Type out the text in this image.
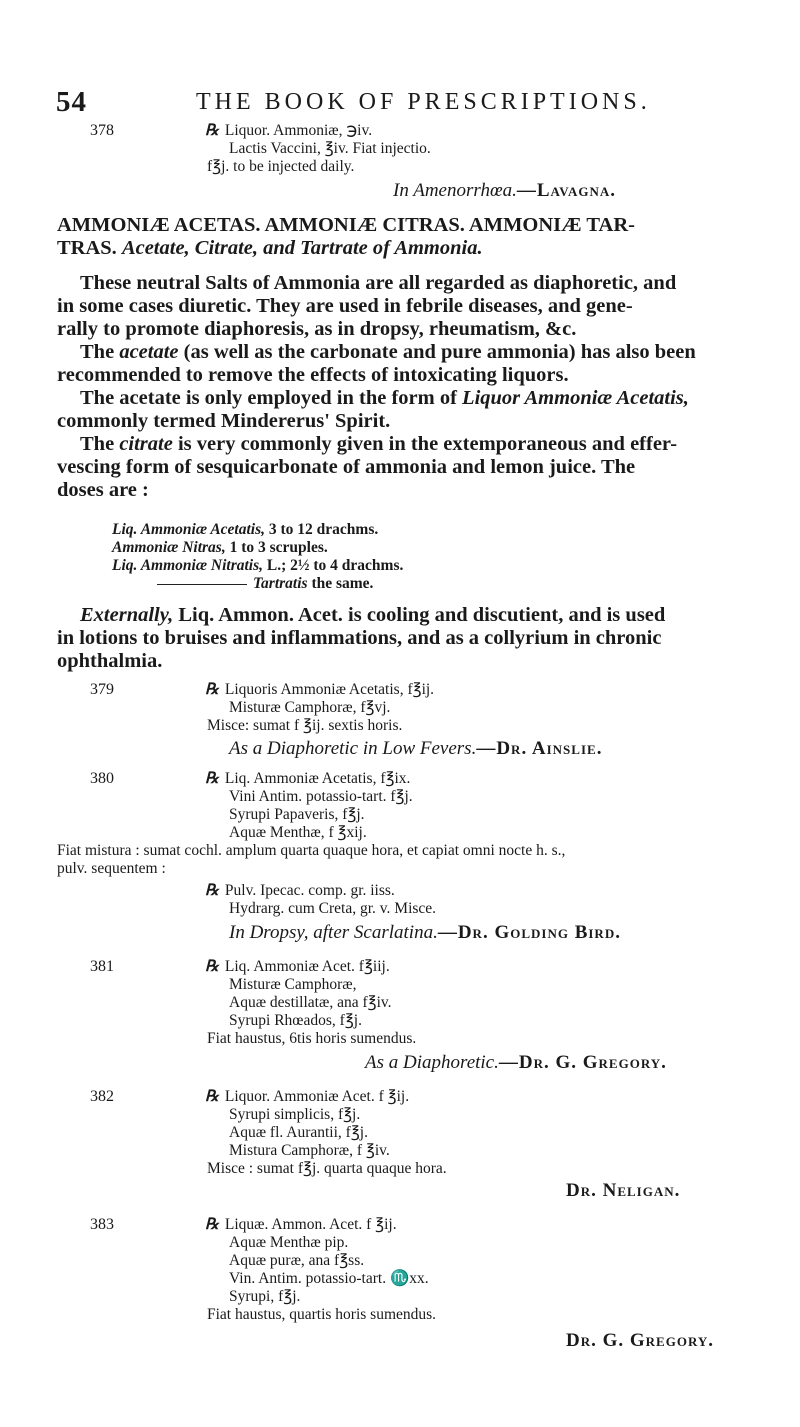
54	THE BOOK OF PRESCRIPTIONS.
378	℞ Liquor. Ammoniæ, ℈iv.
Lactis Vaccini, ℥iv. Fiat injectio.
f℥j. to be injected daily.
In Amenorrhœa.—Lavagna.
AMMONIÆ ACETAS. AMMONIÆ CITRAS. AMMONIÆ TAR-
TRAS. Acetate, Citrate, and Tartrate of Ammonia.
These neutral Salts of Ammonia are all regarded as diaphoretic, and
in some cases diuretic. They are used in febrile diseases, and gene-
rally to promote diaphoresis, as in dropsy, rheumatism, &c.
The acetate (as well as the carbonate and pure ammonia) has also been
recommended to remove the effects of intoxicating liquors.
The acetate is only employed in the form of Liquor Ammoniæ Acetatis,
commonly termed Mindererus' Spirit.
The citrate is very commonly given in the extemporaneous and effer-
vescing form of sesquicarbonate of ammonia and lemon juice. The
doses are :
Liq. Ammoniæ Acetatis, 3 to 12 drachms.
Ammoniæ Nitras, 1 to 3 scruples.
Liq. Ammoniæ Nitratis, L.; 2½ to 4 drachms.
Tartratis the same.
Externally, Liq. Ammon. Acet. is cooling and discutient, and is used
in lotions to bruises and inflammations, and as a collyrium in chronic
ophthalmia.
379	℞ Liquoris Ammoniæ Acetatis, f℥ij.
Misturæ Camphoræ, f℥vj.
Misce: sumat f ℥ij. sextis horis.
As a Diaphoretic in Low Fevers.—Dr. Ainslie.
380	℞ Liq. Ammoniæ Acetatis, f℥ix.
Vini Antim. potassio-tart. f℥j.
Syrupi Papaveris, f℥j.
Aquæ Menthæ, f ℥xij.
Fiat mistura : sumat cochl. amplum quarta quaque hora, et capiat omni nocte h. s.,
pulv. sequentem :
℞ Pulv. Ipecac. comp. gr. iiss.
Hydrarg. cum Creta, gr. v. Misce.
In Dropsy, after Scarlatina.—Dr. Golding Bird.
381	℞ Liq. Ammoniæ Acet. f℥iij.
Misturæ Camphoræ,
Aquæ destillatæ, ana f℥iv.
Syrupi Rhœados, f℥j.
Fiat haustus, 6tis horis sumendus.
As a Diaphoretic.—Dr. G. Gregory.
382	℞ Liquor. Ammoniæ Acet. f ℥ij.
Syrupi simplicis, f℥j.
Aquæ fl. Aurantii, f℥j.
Mistura Camphoræ, f ℥iv.
Misce : sumat f℥j. quarta quaque hora.
Dr. Neligan.
383	℞ Liquæ. Ammon. Acet. f ℥ij.
Aquæ Menthæ pip.
Aquæ puræ, ana f℥ss.
Vin. Antim. potassio-tart. ♏xx.
Syrupi, f℥j.
Fiat haustus, quartis horis sumendus.
Dr. G. Gregory.
